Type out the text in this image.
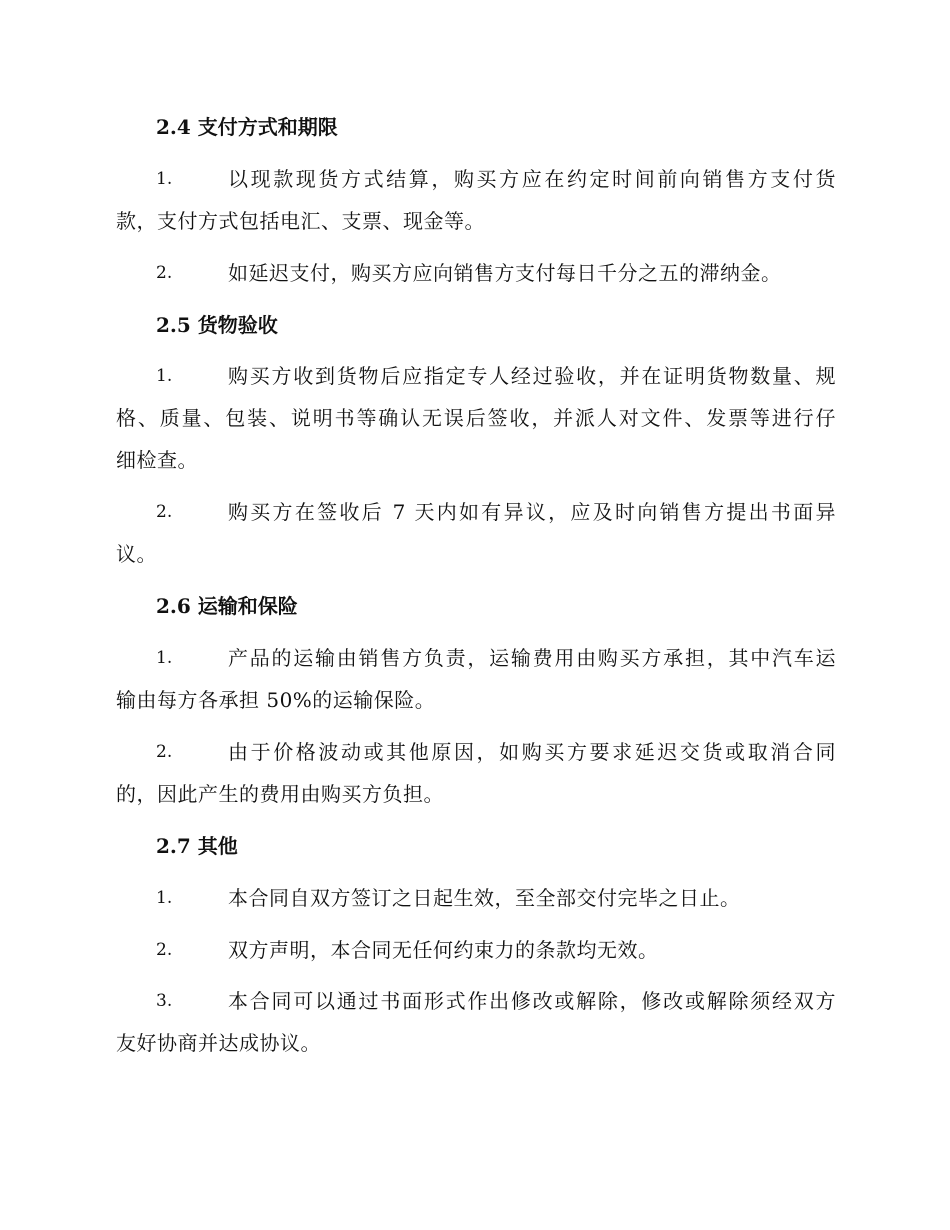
2.4 支付方式和期限
1.	以现款现货方式结算，购买方应在约定时间前向销售方支付货
款，支付方式包括电汇、支票、现金等。
2.	如延迟支付，购买方应向销售方支付每日千分之五的滞纳金。
2.5 货物验收
1.	购买方收到货物后应指定专人经过验收，并在证明货物数量、规
格、质量、包装、说明书等确认无误后签收，并派人对文件、发票等进行仔
细检查。
2.	购买方在签收后 7 天内如有异议，应及时向销售方提出书面异
议。
2.6 运输和保险
1.	产品的运输由销售方负责，运输费用由购买方承担，其中汽车运
输由每方各承担 50%的运输保险。
2.	由于价格波动或其他原因，如购买方要求延迟交货或取消合同
的，因此产生的费用由购买方负担。
2.7 其他
1.	本合同自双方签订之日起生效，至全部交付完毕之日止。
2.	双方声明，本合同无任何约束力的条款均无效。
3.	本合同可以通过书面形式作出修改或解除，修改或解除须经双方
友好协商并达成协议。
